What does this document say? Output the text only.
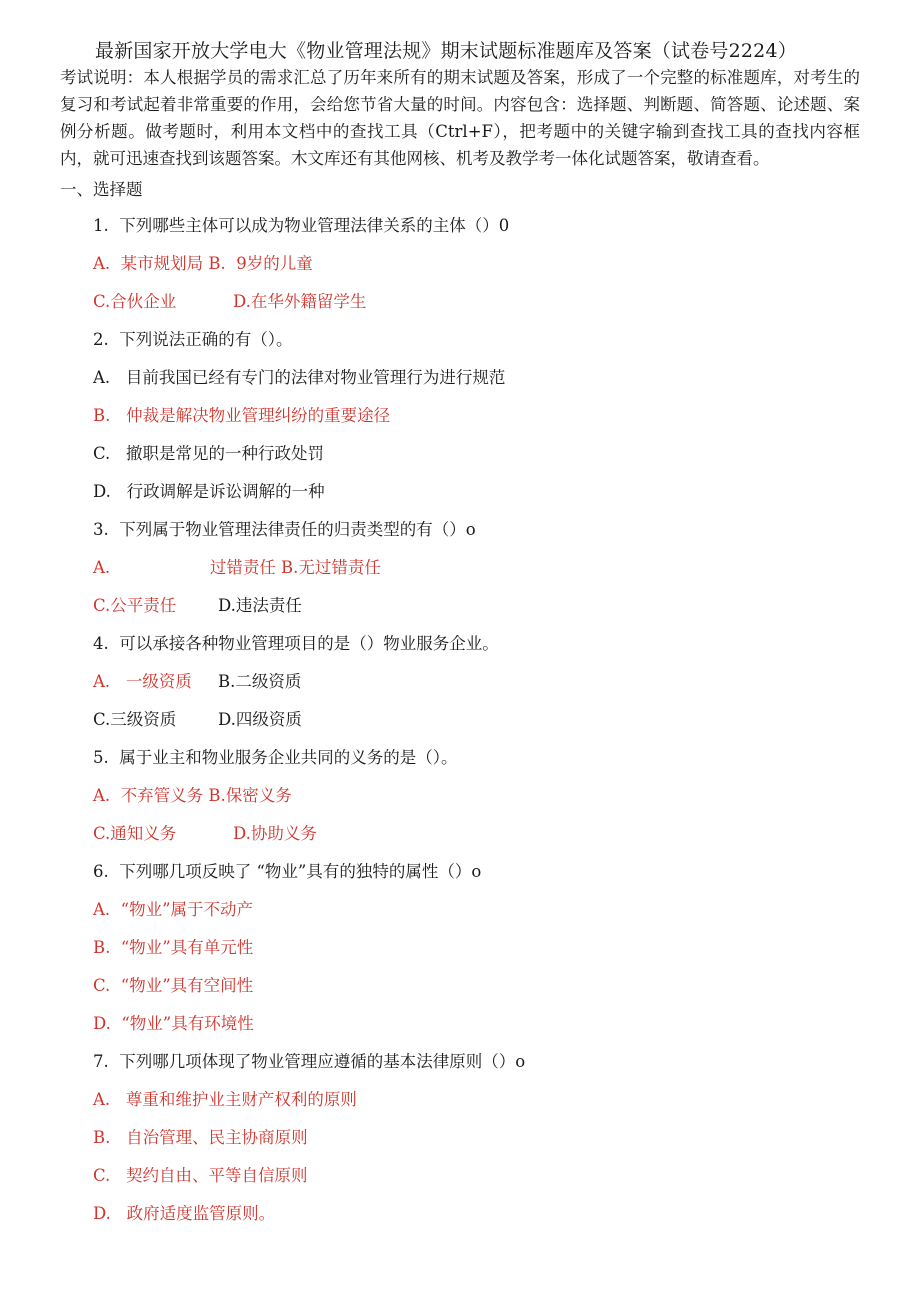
最新国家开放大学电大《物业管理法规》期末试题标准题库及答案（试卷号2224）
考试说明：本人根据学员的需求汇总了历年来所有的期末试题及答案，形成了一个完整的标准题库，对考生的复习和考试起着非常重要的作用，会给您节省大量的时间。内容包含：选择题、判断题、简答题、论述题、案例分析题。做考题时，利用本文档中的查找工具（Ctrl+F），把考题中的关键字输到查找工具的查找内容框内，就可迅速查找到该题答案。木文库还有其他网核、机考及教学考一体化试题答案，敬请查看。
一、选择题
1.  下列哪些主体可以成为物业管理法律关系的主体（）0
A.  某市规划局 B.  9岁的儿童
C.合伙企业	D.在华外籍留学生
2.  下列说法正确的有（）。
A.   目前我国已经有专门的法律对物业管理行为进行规范
B.   仲裁是解决物业管理纠纷的重要途径
C.   撤职是常见的一种行政处罚
D.   行政调解是诉讼调解的一种
3.  下列属于物业管理法律责任的归责类型的有（）o
A.                   过错责任 B.无过错责任
C.公平责任	D.违法责任
4.  可以承接各种物业管理项目的是（）物业服务企业。
A.   一级资质 B.二级资质
C.三级资质	D.四级资质
5.  属于业主和物业服务企业共同的义务的是（）。
A.  不弃管义务 B.保密义务
C.通知义务	D.协助义务
6.  下列哪几项反映了 “物业”具有的独特的属性（）o
A.  “物业”属于不动产
B.  “物业”具有单元性
C.  “物业”具有空间性
D.  “物业”具有环境性
7.  下列哪几项体现了物业管理应遵循的基本法律原则（）o
A.   尊重和维护业主财产权利的原则
B.   自治管理、民主协商原则
C.   契约自由、平等自信原则
D.   政府适度监管原则。
